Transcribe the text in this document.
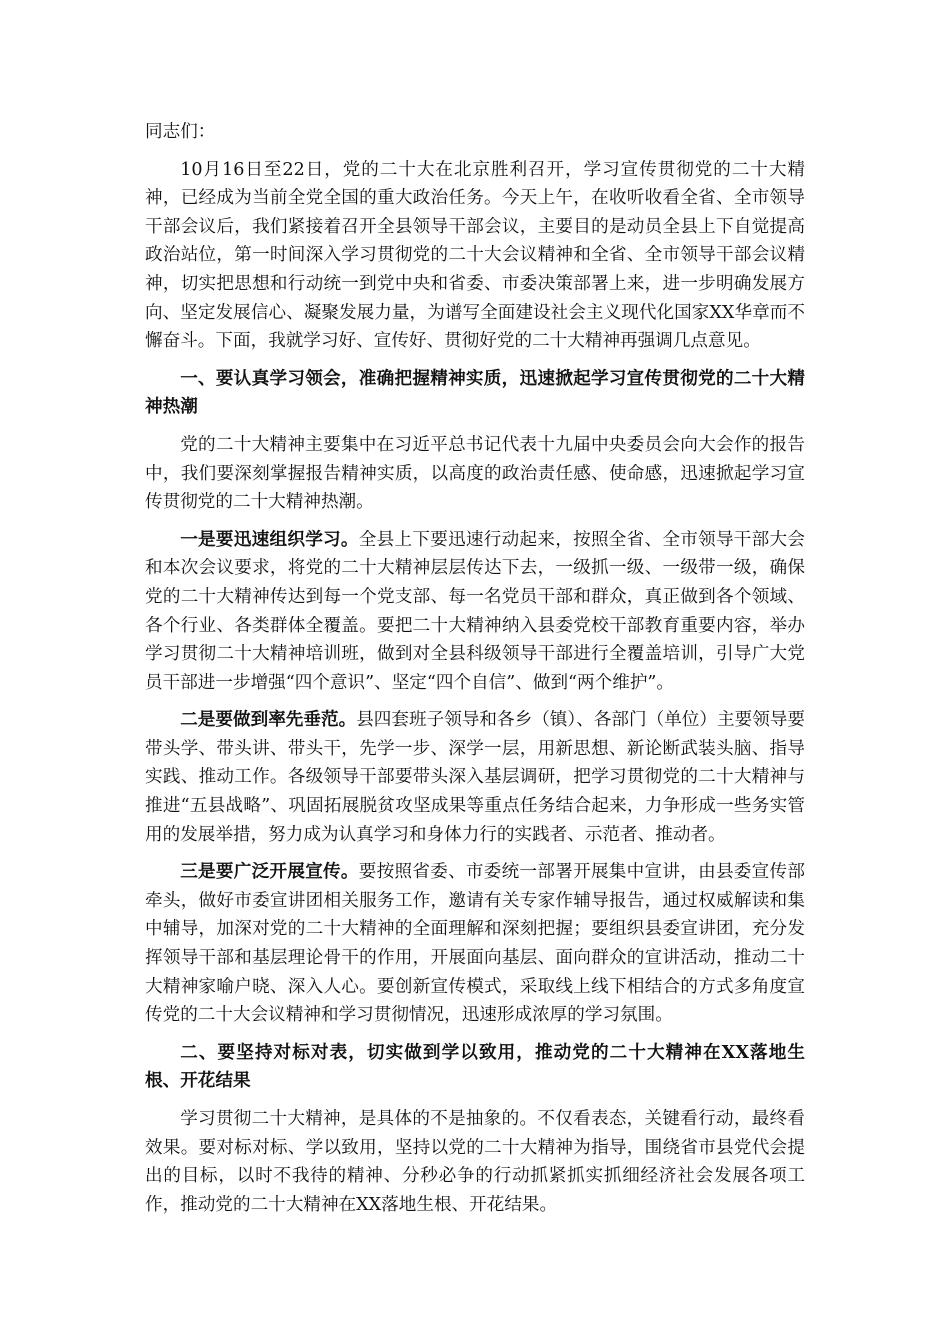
同志们：

10月16日至22日，党的二十大在北京胜利召开，学习宣传贯彻党的二十大精神，已经成为当前全党全国的重大政治任务。今天上午，在收听收看全省、全市领导干部会议后，我们紧接着召开全县领导干部会议，主要目的是动员全县上下自觉提高政治站位，第一时间深入学习贯彻党的二十大会议精神和全省、全市领导干部会议精神，切实把思想和行动统一到党中央和省委、市委决策部署上来，进一步明确发展方向、坚定发展信心、凝聚发展力量，为谱写全面建设社会主义现代化国家XX华章而不懈奋斗。下面，我就学习好、宣传好、贯彻好党的二十大精神再强调几点意见。

一、要认真学习领会，准确把握精神实质，迅速掀起学习宣传贯彻党的二十大精神热潮

党的二十大精神主要集中在习近平总书记代表十九届中央委员会向大会作的报告中，我们要深刻掌握报告精神实质，以高度的政治责任感、使命感，迅速掀起学习宣传贯彻党的二十大精神热潮。

一是要迅速组织学习。全县上下要迅速行动起来，按照全省、全市领导干部大会和本次会议要求，将党的二十大精神层层传达下去，一级抓一级、一级带一级，确保党的二十大精神传达到每一个党支部、每一名党员干部和群众，真正做到各个领域、各个行业、各类群体全覆盖。要把二十大精神纳入县委党校干部教育重要内容，举办学习贯彻二十大精神培训班，做到对全县科级领导干部进行全覆盖培训，引导广大党员干部进一步增强“四个意识”、坚定“四个自信”、做到“两个维护”。

二是要做到率先垂范。县四套班子领导和各乡（镇）、各部门（单位）主要领导要带头学、带头讲、带头干，先学一步、深学一层，用新思想、新论断武装头脑、指导实践、推动工作。各级领导干部要带头深入基层调研，把学习贯彻党的二十大精神与推进“五县战略”、巩固拓展脱贫攻坚成果等重点任务结合起来，力争形成一些务实管用的发展举措，努力成为认真学习和身体力行的实践者、示范者、推动者。

三是要广泛开展宣传。要按照省委、市委统一部署开展集中宣讲，由县委宣传部牵头，做好市委宣讲团相关服务工作，邀请有关专家作辅导报告，通过权威解读和集中辅导，加深对党的二十大精神的全面理解和深刻把握；要组织县委宣讲团，充分发挥领导干部和基层理论骨干的作用，开展面向基层、面向群众的宣讲活动，推动二十大精神家喻户晓、深入人心。要创新宣传模式，采取线上线下相结合的方式多角度宣传党的二十大会议精神和学习贯彻情况，迅速形成浓厚的学习氛围。

二、要坚持对标对表，切实做到学以致用，推动党的二十大精神在XX落地生根、开花结果

学习贯彻二十大精神，是具体的不是抽象的。不仅看表态，关键看行动，最终看效果。要对标对标、学以致用，坚持以党的二十大精神为指导，围绕省市县党代会提出的目标，以时不我待的精神、分秒必争的行动抓紧抓实抓细经济社会发展各项工作，推动党的二十大精神在XX落地生根、开花结果。
